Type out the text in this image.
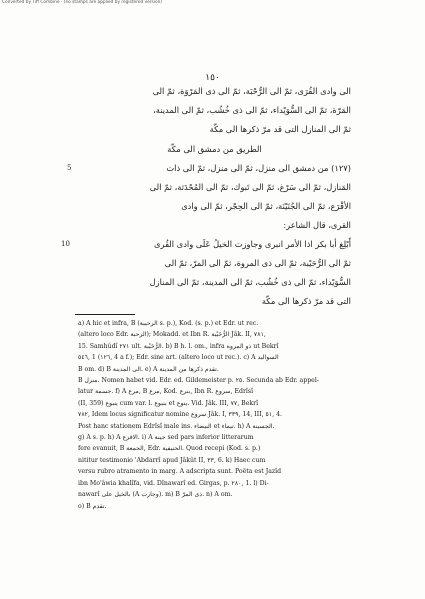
Converted by Tiff Combine - (no stamps are applied by registered version)
١٥٠
الى وادى القُرَى، ثمّ الى الرُّحْبَة، ثمّ الى ذى المَرْوَة، ثمّ الى
المَرّة، ثمّ الى السُّوَيْداء، ثمّ الى ذى خُشُب، ثمّ الى المدينة،
ثمّ الى المنازل التى قد مرّ ذكرها الى مكّة
الطريق من دمشق الى مكّة
(١٢٧) من دمشق الى منزل، ثمّ الى منزل، ثمّ الى ذات
المَنازل، ثمّ الى سَرْغ، ثمّ الى تَبوك، ثمّ الى المُحْدَثة، ثمّ الى
الأقْرَع، ثمّ الى الجُنَيْنَة، ثمّ الى الحِجْر، ثمّ الى وادى
القرى، قال الشاعر:
أَبْلِغ أبا بكر اذا الأمر انبرى وجاوزت الخيلُ عَلَى وادى القُرى
ثمّ الى الرُّحَيْبة، ثمّ الى ذى المروة، ثمّ الى المرّ، ثمّ الى
5
10

a) A hic et infra, B (الرحيبة s. p.), Kod. (s. p.) et Edr. ut rec.

(altero loco Edr. الرحبة); Mokadd. et Ibn R. الرُّحَيْبة Jâk. II, ٧٨١,

15. Samhûdî ٢٧١ ult. الرُّحَيْبة. b) B h. l. om., infra ذو المروة ut Bekrî

٥٤٦, 1 (١٢٦, 4 a f.); Edr. sine art. (altero loco ut rec.). c) A السواليد

B om. d) B الى المدينة. e) A تقدم ذكرها من المدينة.

B منزل. Nomen habet vid. Edr. ed. Gildemeister p. ٢٥. Secunda ab Edr. appel-

latur جسمة. f) A مرع, B مرع, Kod. بنرع, Ibn R. سروع, Edrîsî

(II, 359) ينبوع cum var. l. بنبوع et ينوع. Vid. Jâk. III, ٧٧, Bekrî

٧٨٢, Idem locus significatur nomine سروع Jâk. I, ٣٣٩, 14, III, ٥١, 4.

Post hanc stationem Edrîsî male ins. البيضاء et تيماء. h) A الجسينة.

g) A s. p. h) A الاقرع. i) A جينة sed pars inferior litterarum

fere evanuit, B الحمعة, Edr. الحنيفية. Quod recepi (Kod. s. p.)

nititur testimonio 'Abdarrî apud Jâkût II, ٣٣, 6. k) Haec cum

versu rubro atramento in marg. A adscripta sunt. Poëta est Jazîd

ibn Mo'âwia khalîfa, vid. Dînawarî ed. Girgas, p. ٢٨٠, 1. l) Di-

nawarî بالخيل على (A وجارت). m) B ذى المرّ. n) A om.

o) B تقدم.

السُّوَيْداء، ثمّ الى ذى خُشُب، ثمّ الى المدينة، ثمّ الى المنازل
التى قد مرّ ذكرها الى مكّة
